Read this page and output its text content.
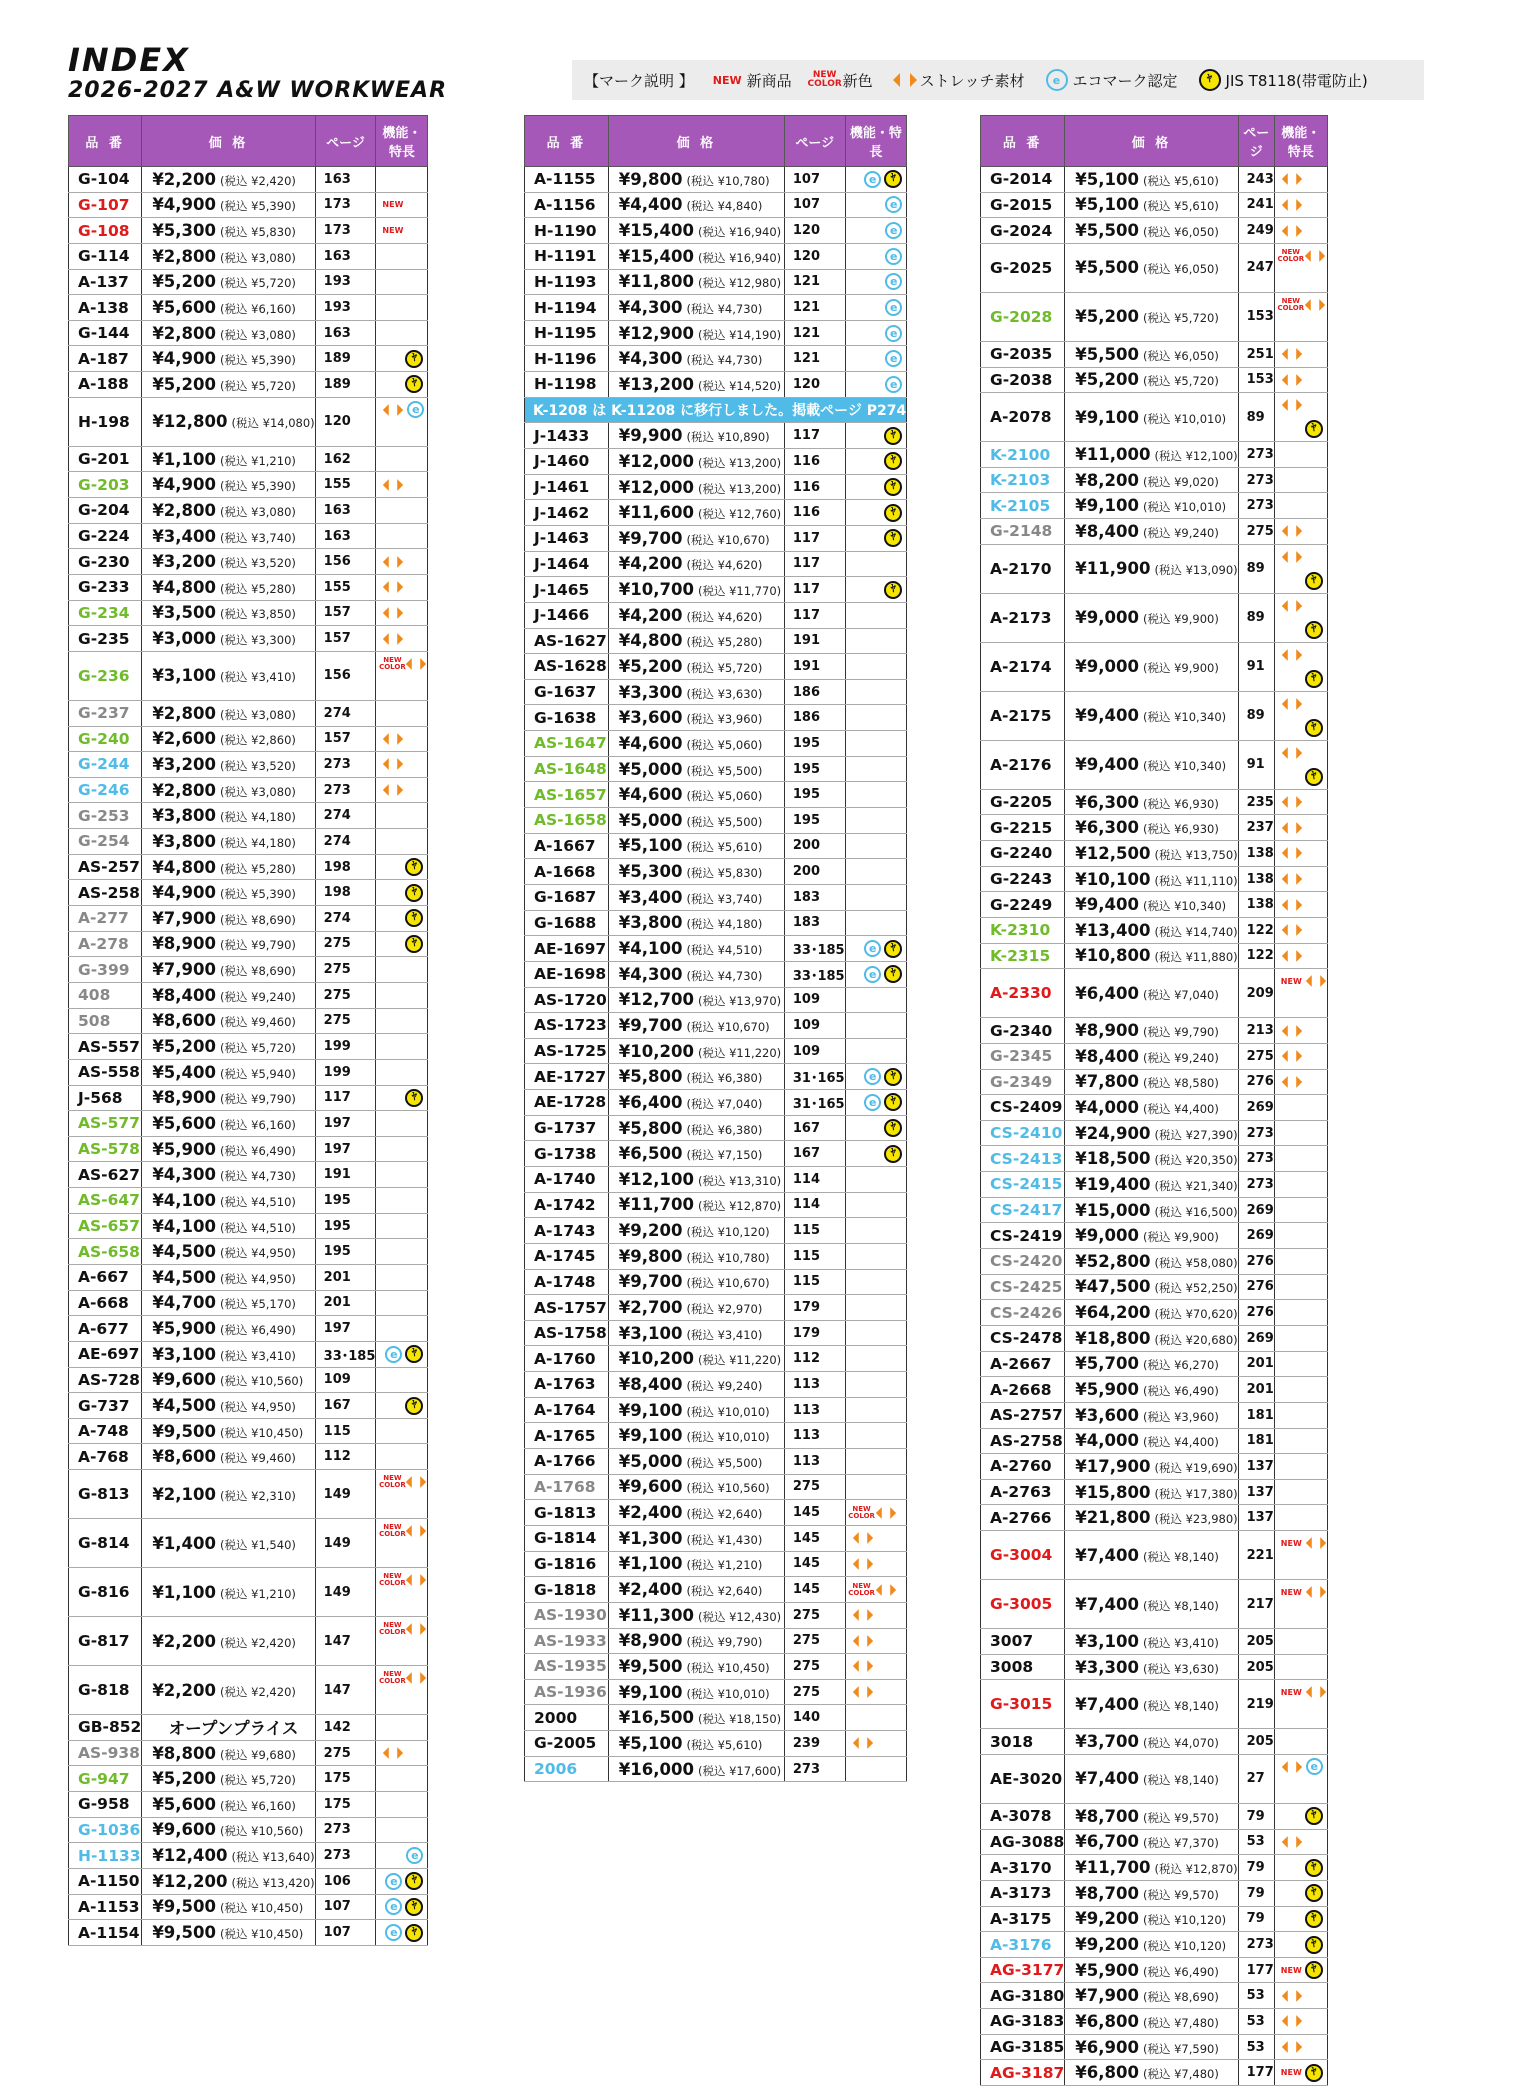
INDEX
2026-2027 A&W WORKWEAR	【マーク説明 】 NEW 新商品 NEW
COLOR 新色	ストレッチ素材	e エコマーク認定	ﾔ JIS T8118(帯電防止)
品 番	価 格	ページ	機能・特長
G-104	¥2,200 (税込 ¥2,420)	163	

G-107	¥4,900 (税込 ¥5,390)	173	NEW

G-108	¥5,300 (税込 ¥5,830)	173	NEW

G-114	¥2,800 (税込 ¥3,080)	163	

A-137	¥5,200 (税込 ¥5,720)	193	

A-138	¥5,600 (税込 ¥6,160)	193	

G-144	¥2,800 (税込 ¥3,080)	163	

A-187	¥4,900 (税込 ¥5,390)	189	ﾔ

A-188	¥5,200 (税込 ¥5,720)	189	ﾔ

H-198	¥12,800 (税込 ¥14,080)	120	e

G-201	¥1,100 (税込 ¥1,210)	162	

G-203	¥4,900 (税込 ¥5,390)	155	

G-204	¥2,800 (税込 ¥3,080)	163	

G-224	¥3,400 (税込 ¥3,740)	163	

G-230	¥3,200 (税込 ¥3,520)	156	

G-233	¥4,800 (税込 ¥5,280)	155	

G-234	¥3,500 (税込 ¥3,850)	157	

G-235	¥3,000 (税込 ¥3,300)	157	

G-236	¥3,100 (税込 ¥3,410)	156	NEW
COLOR

G-237	¥2,800 (税込 ¥3,080)	274	

G-240	¥2,600 (税込 ¥2,860)	157	

G-244	¥3,200 (税込 ¥3,520)	273	

G-246	¥2,800 (税込 ¥3,080)	273	

G-253	¥3,800 (税込 ¥4,180)	274	

G-254	¥3,800 (税込 ¥4,180)	274	

AS-257	¥4,800 (税込 ¥5,280)	198	ﾔ

AS-258	¥4,900 (税込 ¥5,390)	198	ﾔ

A-277	¥7,900 (税込 ¥8,690)	274	ﾔ

A-278	¥8,900 (税込 ¥9,790)	275	ﾔ

G-399	¥7,900 (税込 ¥8,690)	275	

408	¥8,400 (税込 ¥9,240)	275	

508	¥8,600 (税込 ¥9,460)	275	

AS-557	¥5,200 (税込 ¥5,720)	199	

AS-558	¥5,400 (税込 ¥5,940)	199	

J-568	¥8,900 (税込 ¥9,790)	117	ﾔ

AS-577	¥5,600 (税込 ¥6,160)	197	

AS-578	¥5,900 (税込 ¥6,490)	197	

AS-627	¥4,300 (税込 ¥4,730)	191	

AS-647	¥4,100 (税込 ¥4,510)	195	

AS-657	¥4,100 (税込 ¥4,510)	195	

AS-658	¥4,500 (税込 ¥4,950)	195	

A-667	¥4,500 (税込 ¥4,950)	201	

A-668	¥4,700 (税込 ¥5,170)	201	

A-677	¥5,900 (税込 ¥6,490)	197	

AE-697	¥3,100 (税込 ¥3,410)	33･185	e ﾔ

AS-728	¥9,600 (税込 ¥10,560)	109	

G-737	¥4,500 (税込 ¥4,950)	167	ﾔ

A-748	¥9,500 (税込 ¥10,450)	115	

A-768	¥8,600 (税込 ¥9,460)	112	

G-813	¥2,100 (税込 ¥2,310)	149	NEW
COLOR

G-814	¥1,400 (税込 ¥1,540)	149	NEW
COLOR

G-816	¥1,100 (税込 ¥1,210)	149	NEW
COLOR

G-817	¥2,200 (税込 ¥2,420)	147	NEW
COLOR

G-818	¥2,200 (税込 ¥2,420)	147	NEW
COLOR

GB-852	オープンプライス	142	

AS-938	¥8,800 (税込 ¥9,680)	275	

G-947	¥5,200 (税込 ¥5,720)	175	

G-958	¥5,600 (税込 ¥6,160)	175	

G-1036	¥9,600 (税込 ¥10,560)	273	

H-1133	¥12,400 (税込 ¥13,640)	273	e

A-1150	¥12,200 (税込 ¥13,420)	106	e ﾔ

A-1153	¥9,500 (税込 ¥10,450)	107	e ﾔ

A-1154	¥9,500 (税込 ¥10,450)	107	e ﾔ
品 番	価 格	ページ	機能・特長
A-1155	¥9,800 (税込 ¥10,780)	107	e ﾔ

A-1156	¥4,400 (税込 ¥4,840)	107	e

H-1190	¥15,400 (税込 ¥16,940)	120	e

H-1191	¥15,400 (税込 ¥16,940)	120	e

H-1193	¥11,800 (税込 ¥12,980)	121	e

H-1194	¥4,300 (税込 ¥4,730)	121	e

H-1195	¥12,900 (税込 ¥14,190)	121	e

H-1196	¥4,300 (税込 ¥4,730)	121	e

H-1198	¥13,200 (税込 ¥14,520)	120	e

K-1208 は K-11208 に移行しました。掲載ページ P274			
J-1433	¥9,900 (税込 ¥10,890)	117	ﾔ

J-1460	¥12,000 (税込 ¥13,200)	116	ﾔ

J-1461	¥12,000 (税込 ¥13,200)	116	ﾔ

J-1462	¥11,600 (税込 ¥12,760)	116	ﾔ

J-1463	¥9,700 (税込 ¥10,670)	117	ﾔ

J-1464	¥4,200 (税込 ¥4,620)	117	

J-1465	¥10,700 (税込 ¥11,770)	117	ﾔ

J-1466	¥4,200 (税込 ¥4,620)	117	

AS-1627	¥4,800 (税込 ¥5,280)	191	

AS-1628	¥5,200 (税込 ¥5,720)	191	

G-1637	¥3,300 (税込 ¥3,630)	186	

G-1638	¥3,600 (税込 ¥3,960)	186	

AS-1647	¥4,600 (税込 ¥5,060)	195	

AS-1648	¥5,000 (税込 ¥5,500)	195	

AS-1657	¥4,600 (税込 ¥5,060)	195	

AS-1658	¥5,000 (税込 ¥5,500)	195	

A-1667	¥5,100 (税込 ¥5,610)	200	

A-1668	¥5,300 (税込 ¥5,830)	200	

G-1687	¥3,400 (税込 ¥3,740)	183	

G-1688	¥3,800 (税込 ¥4,180)	183	

AE-1697	¥4,100 (税込 ¥4,510)	33･185	e ﾔ

AE-1698	¥4,300 (税込 ¥4,730)	33･185	e ﾔ

AS-1720	¥12,700 (税込 ¥13,970)	109	

AS-1723	¥9,700 (税込 ¥10,670)	109	

AS-1725	¥10,200 (税込 ¥11,220)	109	

AE-1727	¥5,800 (税込 ¥6,380)	31･165	e ﾔ

AE-1728	¥6,400 (税込 ¥7,040)	31･165	e ﾔ

G-1737	¥5,800 (税込 ¥6,380)	167	ﾔ

G-1738	¥6,500 (税込 ¥7,150)	167	ﾔ

A-1740	¥12,100 (税込 ¥13,310)	114	

A-1742	¥11,700 (税込 ¥12,870)	114	

A-1743	¥9,200 (税込 ¥10,120)	115	

A-1745	¥9,800 (税込 ¥10,780)	115	

A-1748	¥9,700 (税込 ¥10,670)	115	

AS-1757	¥2,700 (税込 ¥2,970)	179	

AS-1758	¥3,100 (税込 ¥3,410)	179	

A-1760	¥10,200 (税込 ¥11,220)	112	

A-1763	¥8,400 (税込 ¥9,240)	113	

A-1764	¥9,100 (税込 ¥10,010)	113	

A-1765	¥9,100 (税込 ¥10,010)	113	

A-1766	¥5,000 (税込 ¥5,500)	113	

A-1768	¥9,600 (税込 ¥10,560)	275	

G-1813	¥2,400 (税込 ¥2,640)	145	NEW
COLOR

G-1814	¥1,300 (税込 ¥1,430)	145	

G-1816	¥1,100 (税込 ¥1,210)	145	

G-1818	¥2,400 (税込 ¥2,640)	145	NEW
COLOR

AS-1930	¥11,300 (税込 ¥12,430)	275	

AS-1933	¥8,900 (税込 ¥9,790)	275	

AS-1935	¥9,500 (税込 ¥10,450)	275	

AS-1936	¥9,100 (税込 ¥10,010)	275	

2000	¥16,500 (税込 ¥18,150)	140	

G-2005	¥5,100 (税込 ¥5,610)	239	

2006	¥16,000 (税込 ¥17,600)	273	
品 番	価 格	ページ	機能・特長
G-2014	¥5,100 (税込 ¥5,610)	243	

G-2015	¥5,100 (税込 ¥5,610)	241	

G-2024	¥5,500 (税込 ¥6,050)	249	

G-2025	¥5,500 (税込 ¥6,050)	247	NEW
COLOR

G-2028	¥5,200 (税込 ¥5,720)	153	NEW
COLOR

G-2035	¥5,500 (税込 ¥6,050)	251	

G-2038	¥5,200 (税込 ¥5,720)	153	

A-2078	¥9,100 (税込 ¥10,010)	89	ﾔ

K-2100	¥11,000 (税込 ¥12,100)	273	

K-2103	¥8,200 (税込 ¥9,020)	273	

K-2105	¥9,100 (税込 ¥10,010)	273	

G-2148	¥8,400 (税込 ¥9,240)	275	

A-2170	¥11,900 (税込 ¥13,090)	89	ﾔ

A-2173	¥9,000 (税込 ¥9,900)	89	ﾔ

A-2174	¥9,000 (税込 ¥9,900)	91	ﾔ

A-2175	¥9,400 (税込 ¥10,340)	89	ﾔ

A-2176	¥9,400 (税込 ¥10,340)	91	ﾔ

G-2205	¥6,300 (税込 ¥6,930)	235	

G-2215	¥6,300 (税込 ¥6,930)	237	

G-2240	¥12,500 (税込 ¥13,750)	138	

G-2243	¥10,100 (税込 ¥11,110)	138	

G-2249	¥9,400 (税込 ¥10,340)	138	

K-2310	¥13,400 (税込 ¥14,740)	122	

K-2315	¥10,800 (税込 ¥11,880)	122	

A-2330	¥6,400 (税込 ¥7,040)	209	NEW

G-2340	¥8,900 (税込 ¥9,790)	213	

G-2345	¥8,400 (税込 ¥9,240)	275	

G-2349	¥7,800 (税込 ¥8,580)	276	

CS-2409	¥4,000 (税込 ¥4,400)	269	

CS-2410	¥24,900 (税込 ¥27,390)	273	

CS-2413	¥18,500 (税込 ¥20,350)	273	

CS-2415	¥19,400 (税込 ¥21,340)	273	

CS-2417	¥15,000 (税込 ¥16,500)	269	

CS-2419	¥9,000 (税込 ¥9,900)	269	

CS-2420	¥52,800 (税込 ¥58,080)	276	

CS-2425	¥47,500 (税込 ¥52,250)	276	

CS-2426	¥64,200 (税込 ¥70,620)	276	

CS-2478	¥18,800 (税込 ¥20,680)	269	

A-2667	¥5,700 (税込 ¥6,270)	201	

A-2668	¥5,900 (税込 ¥6,490)	201	

AS-2757	¥3,600 (税込 ¥3,960)	181	

AS-2758	¥4,000 (税込 ¥4,400)	181	

A-2760	¥17,900 (税込 ¥19,690)	137	

A-2763	¥15,800 (税込 ¥17,380)	137	

A-2766	¥21,800 (税込 ¥23,980)	137	

G-3004	¥7,400 (税込 ¥8,140)	221	NEW

G-3005	¥7,400 (税込 ¥8,140)	217	NEW

3007	¥3,100 (税込 ¥3,410)	205	

3008	¥3,300 (税込 ¥3,630)	205	

G-3015	¥7,400 (税込 ¥8,140)	219	NEW

3018	¥3,700 (税込 ¥4,070)	205	

AE-3020	¥7,400 (税込 ¥8,140)	27	e

A-3078	¥8,700 (税込 ¥9,570)	79	ﾔ

AG-3088	¥6,700 (税込 ¥7,370)	53	

A-3170	¥11,700 (税込 ¥12,870)	79	ﾔ

A-3173	¥8,700 (税込 ¥9,570)	79	ﾔ

A-3175	¥9,200 (税込 ¥10,120)	79	ﾔ

A-3176	¥9,200 (税込 ¥10,120)	273	ﾔ

AG-3177	¥5,900 (税込 ¥6,490)	177	NEW ﾔ

AG-3180	¥7,900 (税込 ¥8,690)	53	

AG-3183	¥6,800 (税込 ¥7,480)	53	

AG-3185	¥6,900 (税込 ¥7,590)	53	

AG-3187	¥6,800 (税込 ¥7,480)	177	NEW ﾔ
